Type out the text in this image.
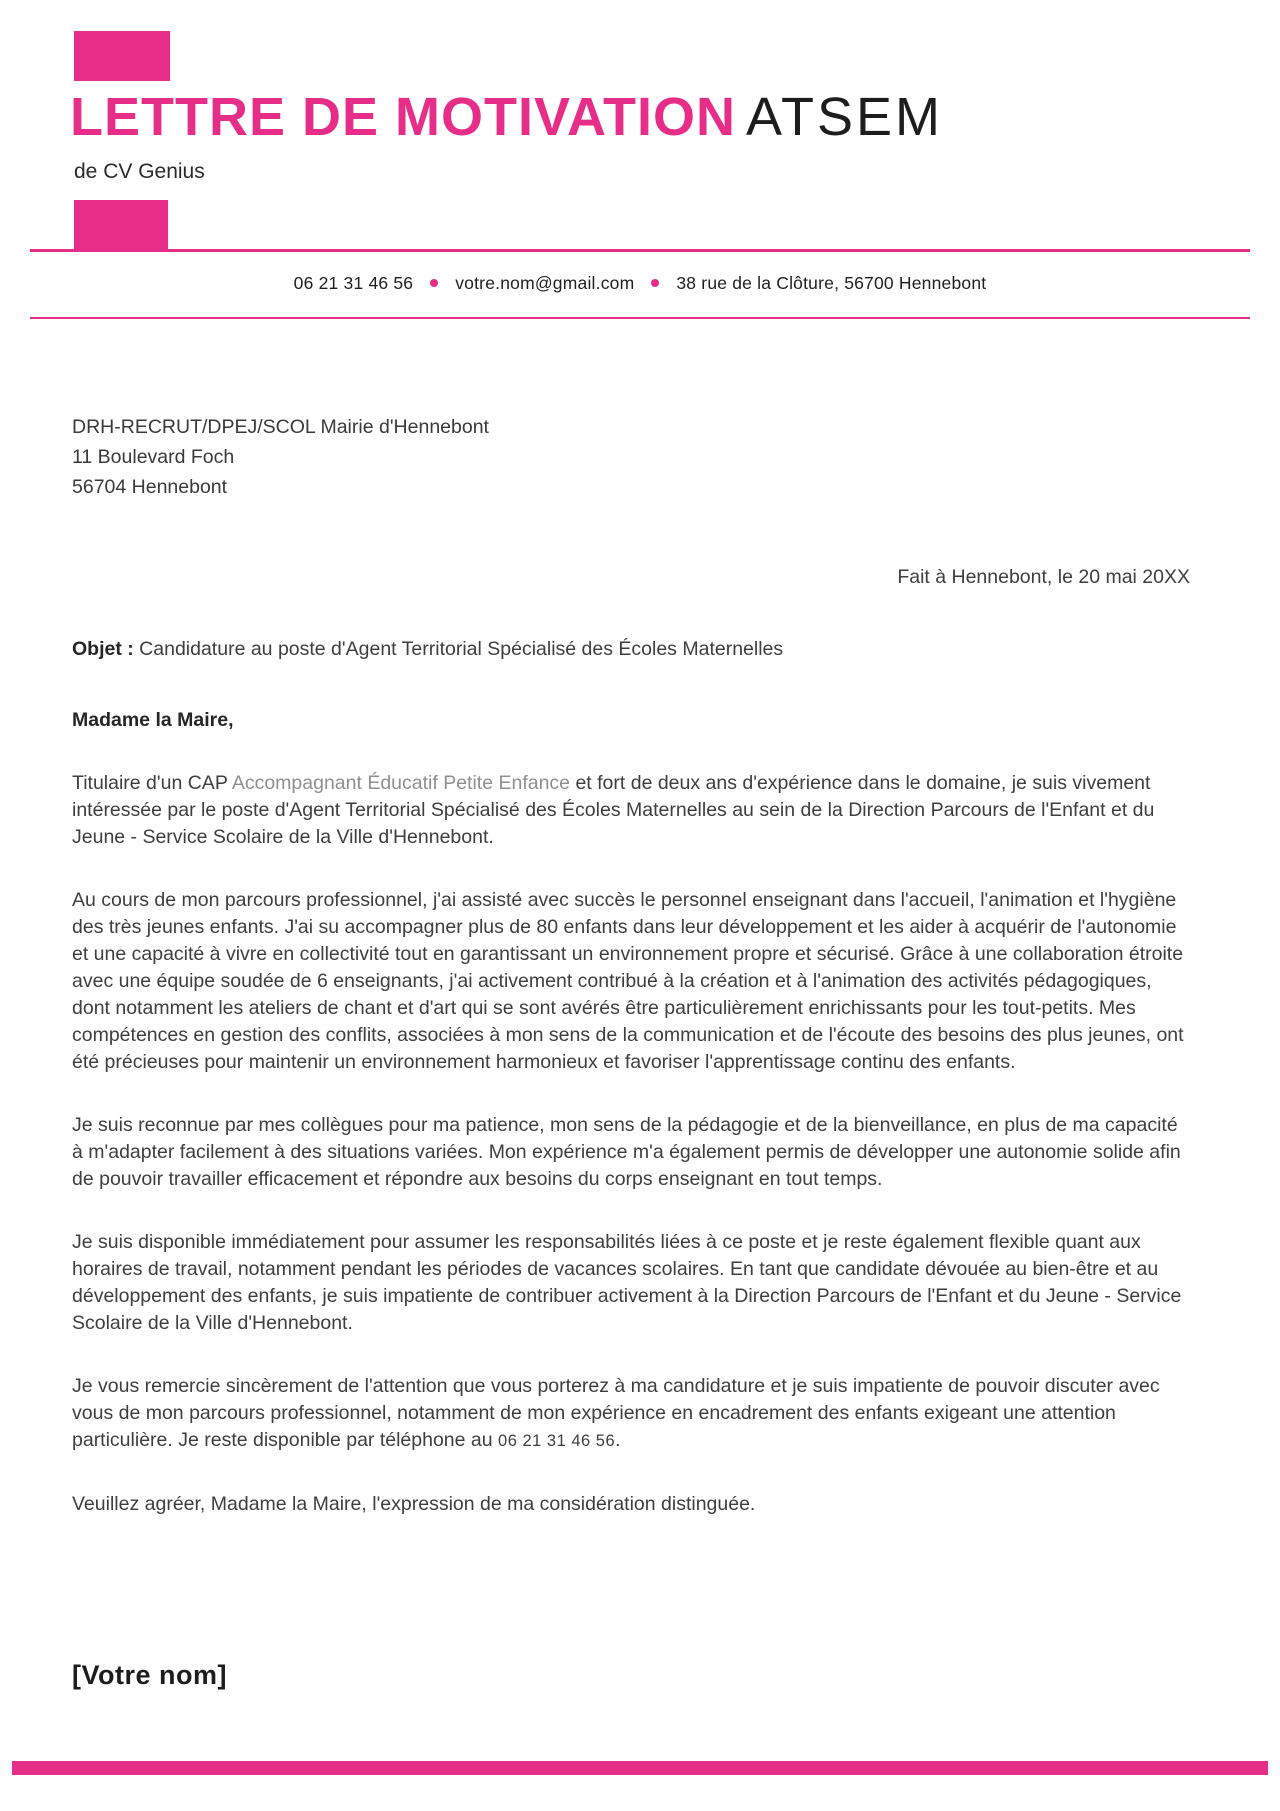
LETTRE DE MOTIVATION ATSEM
de CV Genius
06 21 31 46 56 votre.nom@gmail.com 38 rue de la Clôture, 56700 Hennebont
DRH-RECRUT/DPEJ/SCOL Mairie d'Hennebont
11 Boulevard Foch
56704 Hennebont
Fait à Hennebont, le 20 mai 20XX
Objet : Candidature au poste d'Agent Territorial Spécialisé des Écoles Maternelles
Madame la Maire,

Titulaire d'un CAP Accompagnant Éducatif Petite Enfance et fort de deux ans d'expérience dans le domaine, je suis vivement intéressée par le poste d'Agent Territorial Spécialisé des Écoles Maternelles au sein de la Direction Parcours de l'Enfant et du Jeune - Service Scolaire de la Ville d'Hennebont.

Au cours de mon parcours professionnel, j'ai assisté avec succès le personnel enseignant dans l'accueil, l'animation et l'hygiène des très jeunes enfants. J'ai su accompagner plus de 80 enfants dans leur développement et les aider à acquérir de l'autonomie et une capacité à vivre en collectivité tout en garantissant un environnement propre et sécurisé. Grâce à une collaboration étroite avec une équipe soudée de 6 enseignants, j'ai activement contribué à la création et à l'animation des activités pédagogiques, dont notamment les ateliers de chant et d'art qui se sont avérés être particulièrement enrichissants pour les tout-petits. Mes compétences en gestion des conflits, associées à mon sens de la communication et de l'écoute des besoins des plus jeunes, ont été précieuses pour maintenir un environnement harmonieux et favoriser l'apprentissage continu des enfants.

Je suis reconnue par mes collègues pour ma patience, mon sens de la pédagogie et de la bienveillance, en plus de ma capacité à m'adapter facilement à des situations variées. Mon expérience m'a également permis de développer une autonomie solide afin de pouvoir travailler efficacement et répondre aux besoins du corps enseignant en tout temps.

Je suis disponible immédiatement pour assumer les responsabilités liées à ce poste et je reste également flexible quant aux horaires de travail, notamment pendant les périodes de vacances scolaires. En tant que candidate dévouée au bien-être et au développement des enfants, je suis impatiente de contribuer activement à la Direction Parcours de l'Enfant et du Jeune - Service Scolaire de la Ville d'Hennebont.

Je vous remercie sincèrement de l'attention que vous porterez à ma candidature et je suis impatiente de pouvoir discuter avec vous de mon parcours professionnel, notamment de mon expérience en encadrement des enfants exigeant une attention particulière. Je reste disponible par téléphone au 06 21 31 46 56.

Veuillez agréer, Madame la Maire, l'expression de ma considération distinguée.

[Votre nom]
